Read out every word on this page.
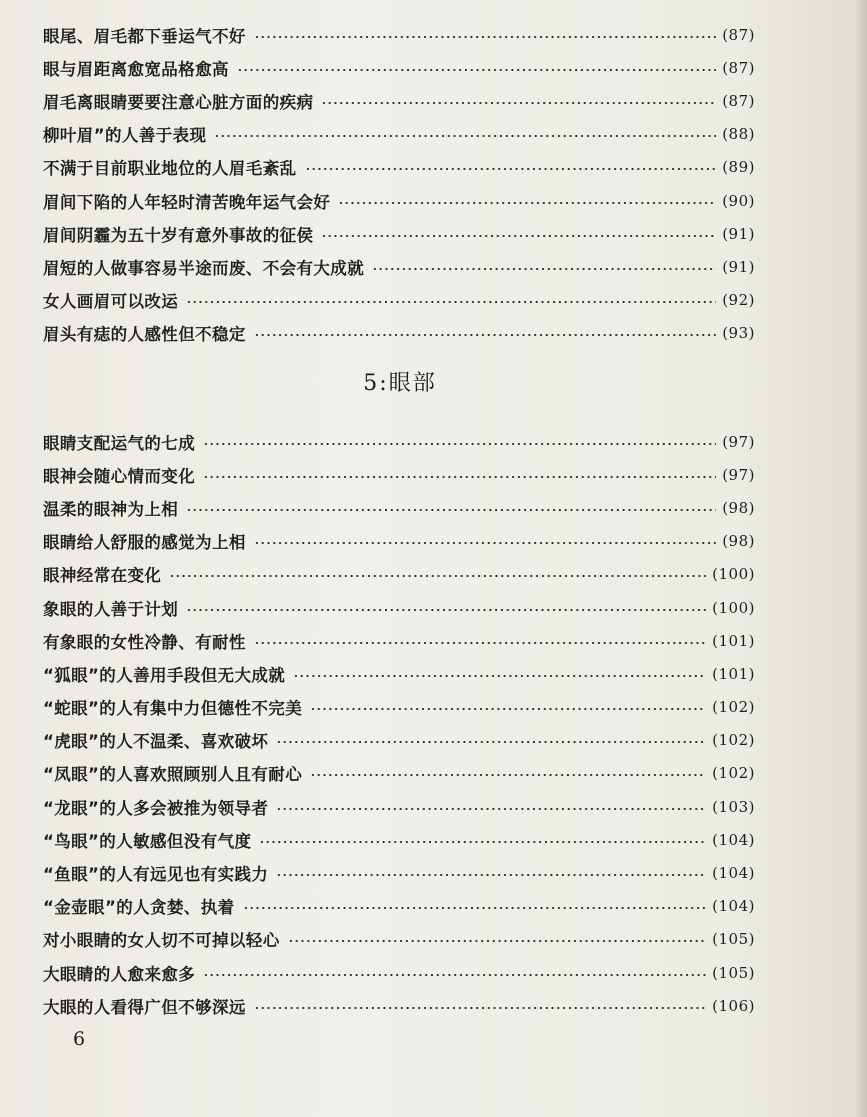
眼尾、眉毛都下垂运气不好	(87)
眼与眉距离愈宽品格愈高	(87)
眉毛离眼睛要要注意心脏方面的疾病	(87)
柳叶眉”的人善于表现	(88)
不满于目前职业地位的人眉毛紊乱	(89)
眉间下陷的人年轻时清苦晚年运气会好	(90)
眉间阴霾为五十岁有意外事故的征侯	(91)
眉短的人做事容易半途而废、不会有大成就	(91)
女人画眉可以改运	(92)
眉头有痣的人感性但不稳定	(93)
5:眼部
眼睛支配运气的七成	(97)
眼神会随心情而变化	(97)
温柔的眼神为上相	(98)
眼睛给人舒服的感觉为上相	(98)
眼神经常在变化	(100)
象眼的人善于计划	(100)
有象眼的女性冷静、有耐性	(101)
“狐眼”的人善用手段但无大成就	(101)
“蛇眼”的人有集中力但德性不完美	(102)
“虎眼”的人不温柔、喜欢破坏	(102)
“凤眼”的人喜欢照顾别人且有耐心	(102)
“龙眼”的人多会被推为领导者	(103)
“鸟眼”的人敏感但没有气度	(104)
“鱼眼”的人有远见也有实践力	(104)
“金壶眼”的人贪婪、执着	(104)
对小眼睛的女人切不可掉以轻心	(105)
大眼睛的人愈来愈多	(105)
大眼的人看得广但不够深远	(106)
6
